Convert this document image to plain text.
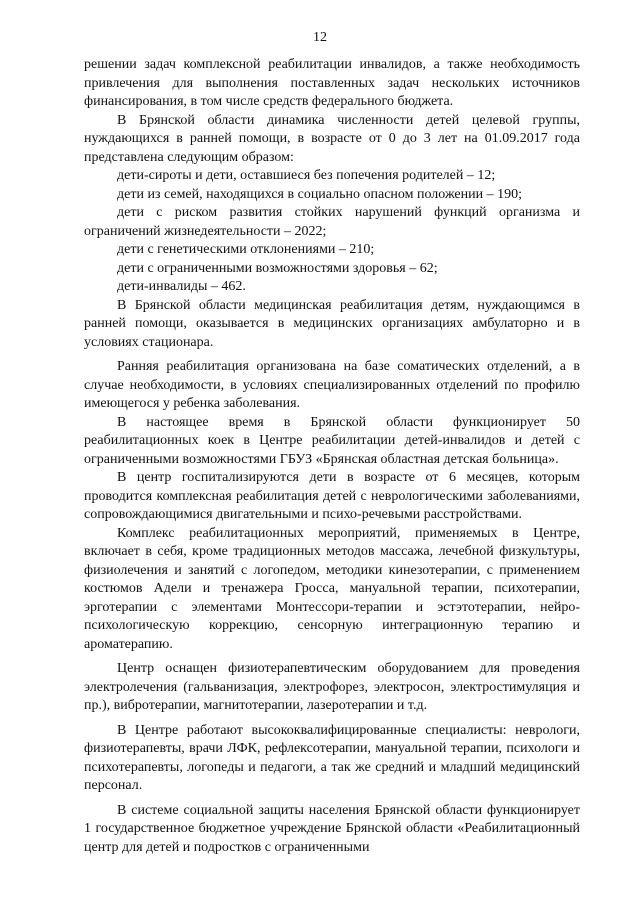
12

решении задач комплексной реабилитации инвалидов, а также необходимость привлечения для выполнения поставленных задач нескольких источников финансирования, в том числе средств федерального бюджета.

В Брянской области динамика численности детей целевой группы, нуждающихся в ранней помощи, в возрасте от 0 до 3 лет на 01.09.2017 года представлена следующим образом:

дети-сироты и дети, оставшиеся без попечения родителей – 12;

дети из семей, находящихся в социально опасном положении – 190;

дети с риском развития стойких нарушений функций организма и ограничений жизнедеятельности – 2022;

дети с генетическими отклонениями – 210;

дети с ограниченными возможностями здоровья – 62;

дети-инвалиды – 462.

В Брянской области медицинская реабилитация детям, нуждающимся в ранней помощи, оказывается в медицинских организациях амбулаторно и в условиях стационара.

Ранняя реабилитация организована на базе соматических отделений, а в случае необходимости, в условиях специализированных отделений по профилю имеющегося у ребенка заболевания.

В настоящее время в Брянской области функционирует 50 реабилитационных коек в Центре реабилитации детей-инвалидов и детей с ограниченными возможностями ГБУЗ «Брянская областная детская больница».

В центр госпитализируются дети в возрасте от 6 месяцев, которым проводится комплексная реабилитация детей с неврологическими заболеваниями, сопровождающимися двигательными и психо-речевыми расстройствами.

Комплекс реабилитационных мероприятий, применяемых в Центре, включает в себя, кроме традиционных методов массажа, лечебной физкультуры, физиолечения и занятий с логопедом, методики кинезотерапии, с применением костюмов Адели и тренажера Гросса, мануальной терапии, психотерапии, эрготерапии с элементами Монтессори-терапии и эстэтотерапии, нейро-психологическую коррекцию, сенсорную интеграционную терапию и ароматерапию.

Центр оснащен физиотерапевтическим оборудованием для проведения электролечения (гальванизация, электрофорез, электросон, электростимуляция и пр.), вибротерапии, магнитотерапии, лазеротерапии и т.д.

В Центре работают высококвалифицированные специалисты: неврологи, физиотерапевты, врачи ЛФК, рефлексотерапии, мануальной терапии, психологи и психотерапевты, логопеды и педагоги, а так же средний и младший медицинский персонал.

В системе социальной защиты населения Брянской области функционирует 1 государственное бюджетное учреждение Брянской области «Реабилитационный центр для детей и подростков с ограниченными
